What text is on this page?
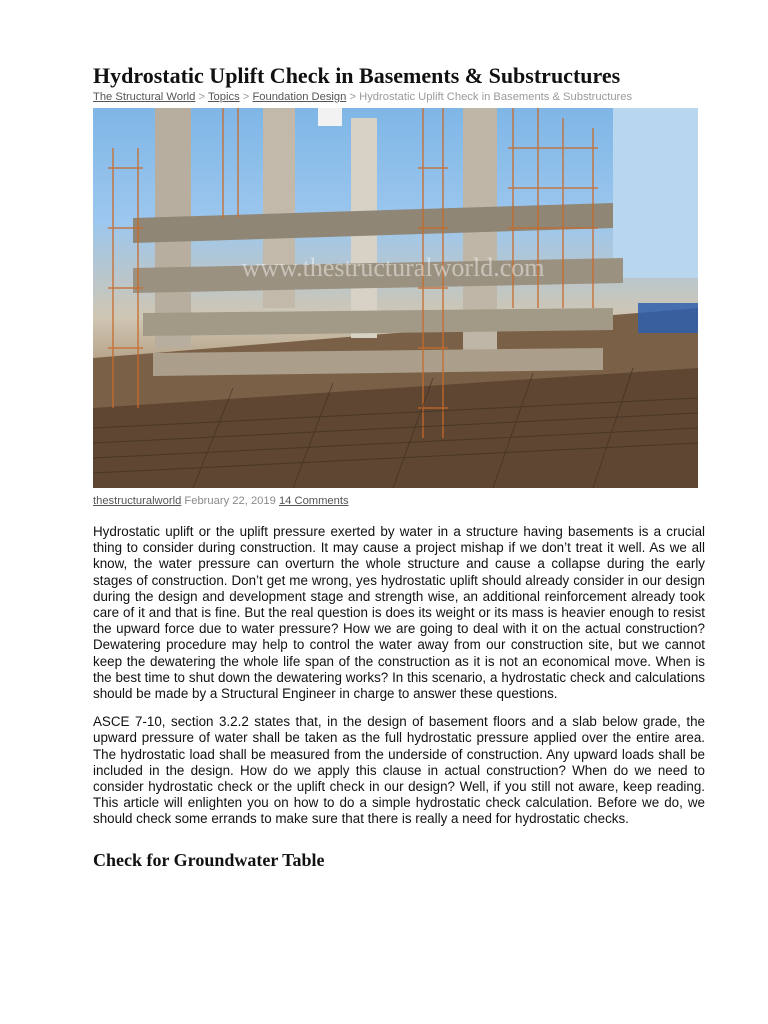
Hydrostatic Uplift Check in Basements & Substructures
The Structural World > Topics > Foundation Design > Hydrostatic Uplift Check in Basements & Substructures
www.thestructuralworld.com
thestructuralworld February 22, 2019 14 Comments

Hydrostatic uplift or the uplift pressure exerted by water in a structure having basements is a crucial thing to consider during construction. It may cause a project mishap if we don’t treat it well. As we all know, the water pressure can overturn the whole structure and cause a collapse during the early stages of construction. Don’t get me wrong, yes hydrostatic uplift should already consider in our design during the design and development stage and strength wise, an additional reinforcement already took care of it and that is fine. But the real question is does its weight or its mass is heavier enough to resist the upward force due to water pressure? How we are going to deal with it on the actual construction? Dewatering procedure may help to control the water away from our construction site, but we cannot keep the dewatering the whole life span of the construction as it is not an economical move. When is the best time to shut down the dewatering works? In this scenario, a hydrostatic check and calculations should be made by a Structural Engineer in charge to answer these questions.

ASCE 7-10, section 3.2.2 states that, in the design of basement floors and a slab below grade, the upward pressure of water shall be taken as the full hydrostatic pressure applied over the entire area. The hydrostatic load shall be measured from the underside of construction. Any upward loads shall be included in the design. How do we apply this clause in actual construction? When do we need to consider hydrostatic check or the uplift check in our design? Well, if you still not aware, keep reading. This article will enlighten you on how to do a simple hydrostatic check calculation. Before we do, we should check some errands to make sure that there is really a need for hydrostatic checks.

Check for Groundwater Table
